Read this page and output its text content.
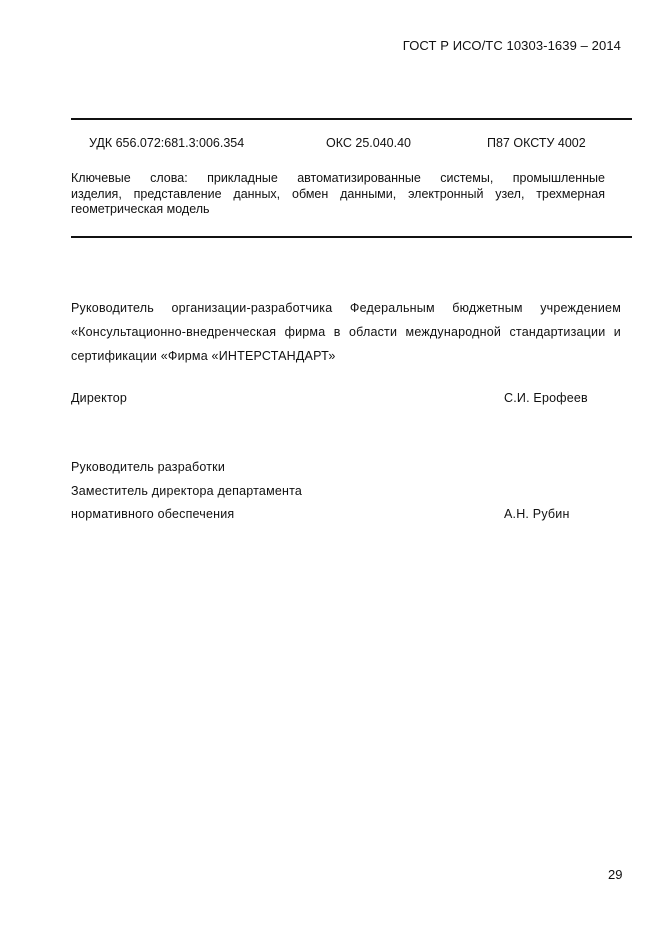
ГОСТ Р ИСО/ТС 10303-1639 – 2014
УДК 656.072:681.3:006.354	ОКС 25.040.40	П87 ОКСТУ 4002
Ключевые слова: прикладные автоматизированные системы, промышленные
изделия, представление данных, обмен данными, электронный узел, трехмерная
геометрическая модель
Руководитель организации-разработчика Федеральным бюджетным учреждением «Консультационно-внедренческая фирма в области международной стандартизации и сертификации «Фирма «ИНТЕРСТАНДАРТ»
Директор	С.И. Ерофеев
Руководитель разработки
Заместитель директора департамента
нормативного обеспечения	А.Н. Рубин
29
